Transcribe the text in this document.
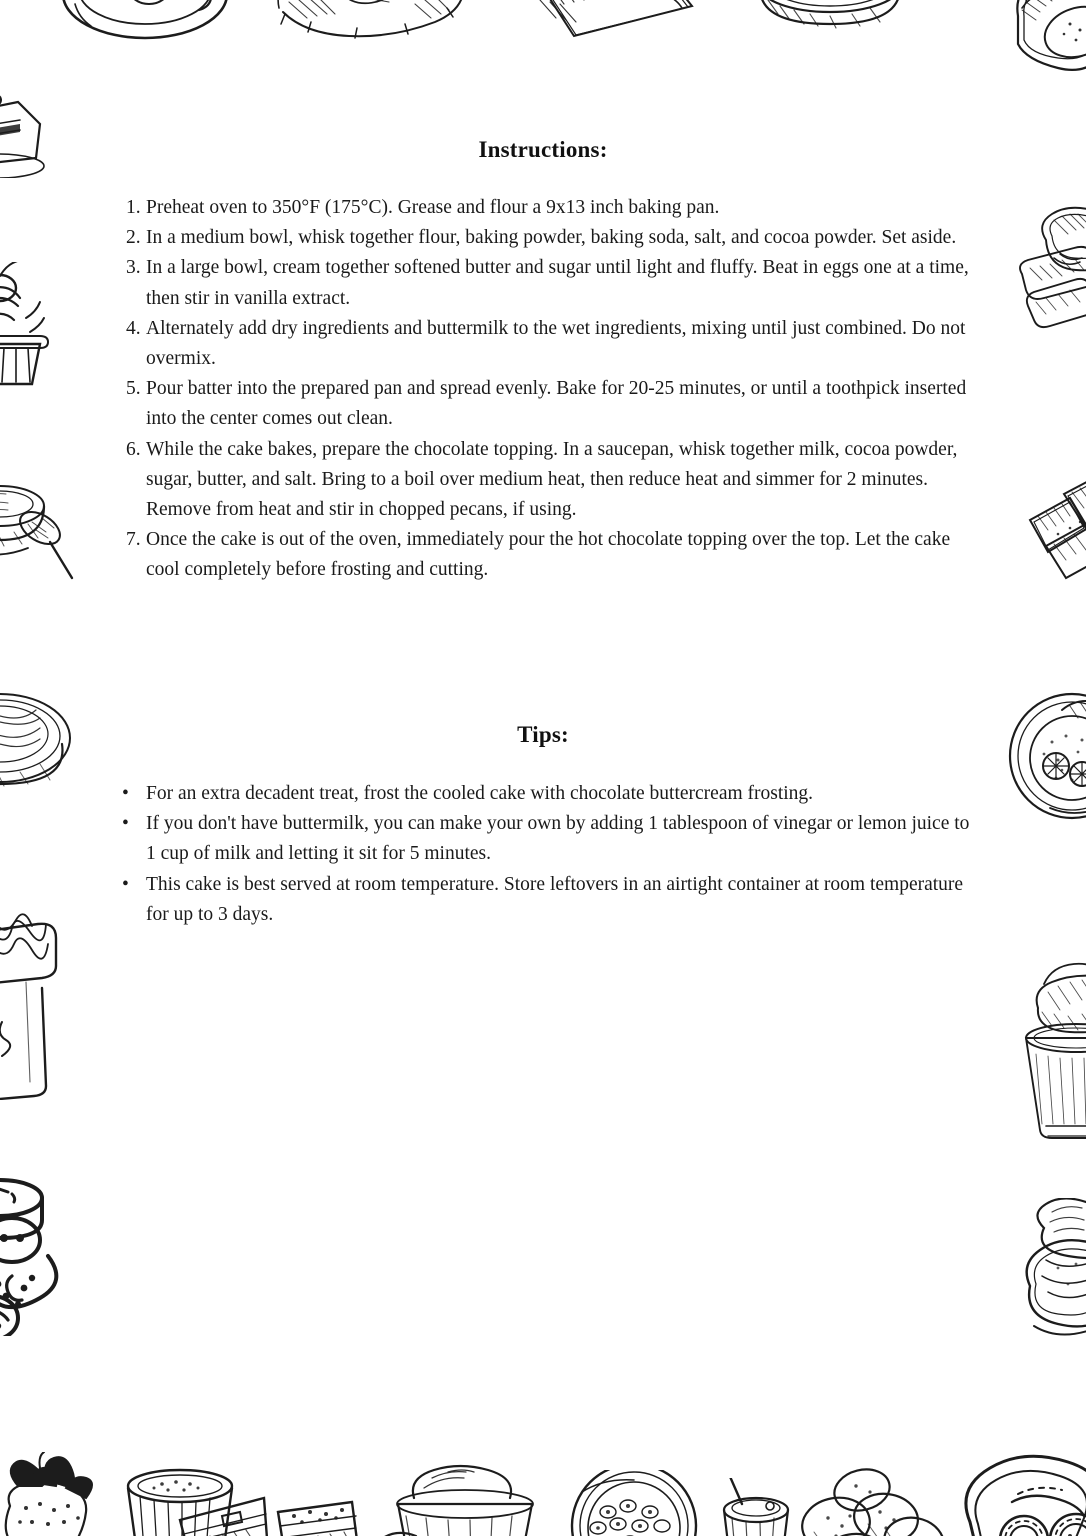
Instructions:
Preheat oven to 350°F (175°C). Grease and flour a 9x13 inch baking pan.
In a medium bowl, whisk together flour, baking powder, baking soda, salt, and cocoa powder. Set aside.
In a large bowl, cream together softened butter and sugar until light and fluffy. Beat in eggs one at a time, then stir in vanilla extract.
Alternately add dry ingredients and buttermilk to the wet ingredients, mixing until just combined. Do not overmix.
Pour batter into the prepared pan and spread evenly. Bake for 20-25 minutes, or until a toothpick inserted into the center comes out clean.
While the cake bakes, prepare the chocolate topping. In a saucepan, whisk together milk, cocoa powder, sugar, butter, and salt. Bring to a boil over medium heat, then reduce heat and simmer for 2 minutes. Remove from heat and stir in chopped pecans, if using.
Once the cake is out of the oven, immediately pour the hot chocolate topping over the top. Let the cake cool completely before frosting and cutting.
Tips:
• For an extra decadent treat, frost the cooled cake with chocolate buttercream frosting.
• If you don't have buttermilk, you can make your own by adding 1 tablespoon of vinegar or lemon juice to 1 cup of milk and letting it sit for 5 minutes.
• This cake is best served at room temperature. Store leftovers in an airtight container at room temperature for up to 3 days.
